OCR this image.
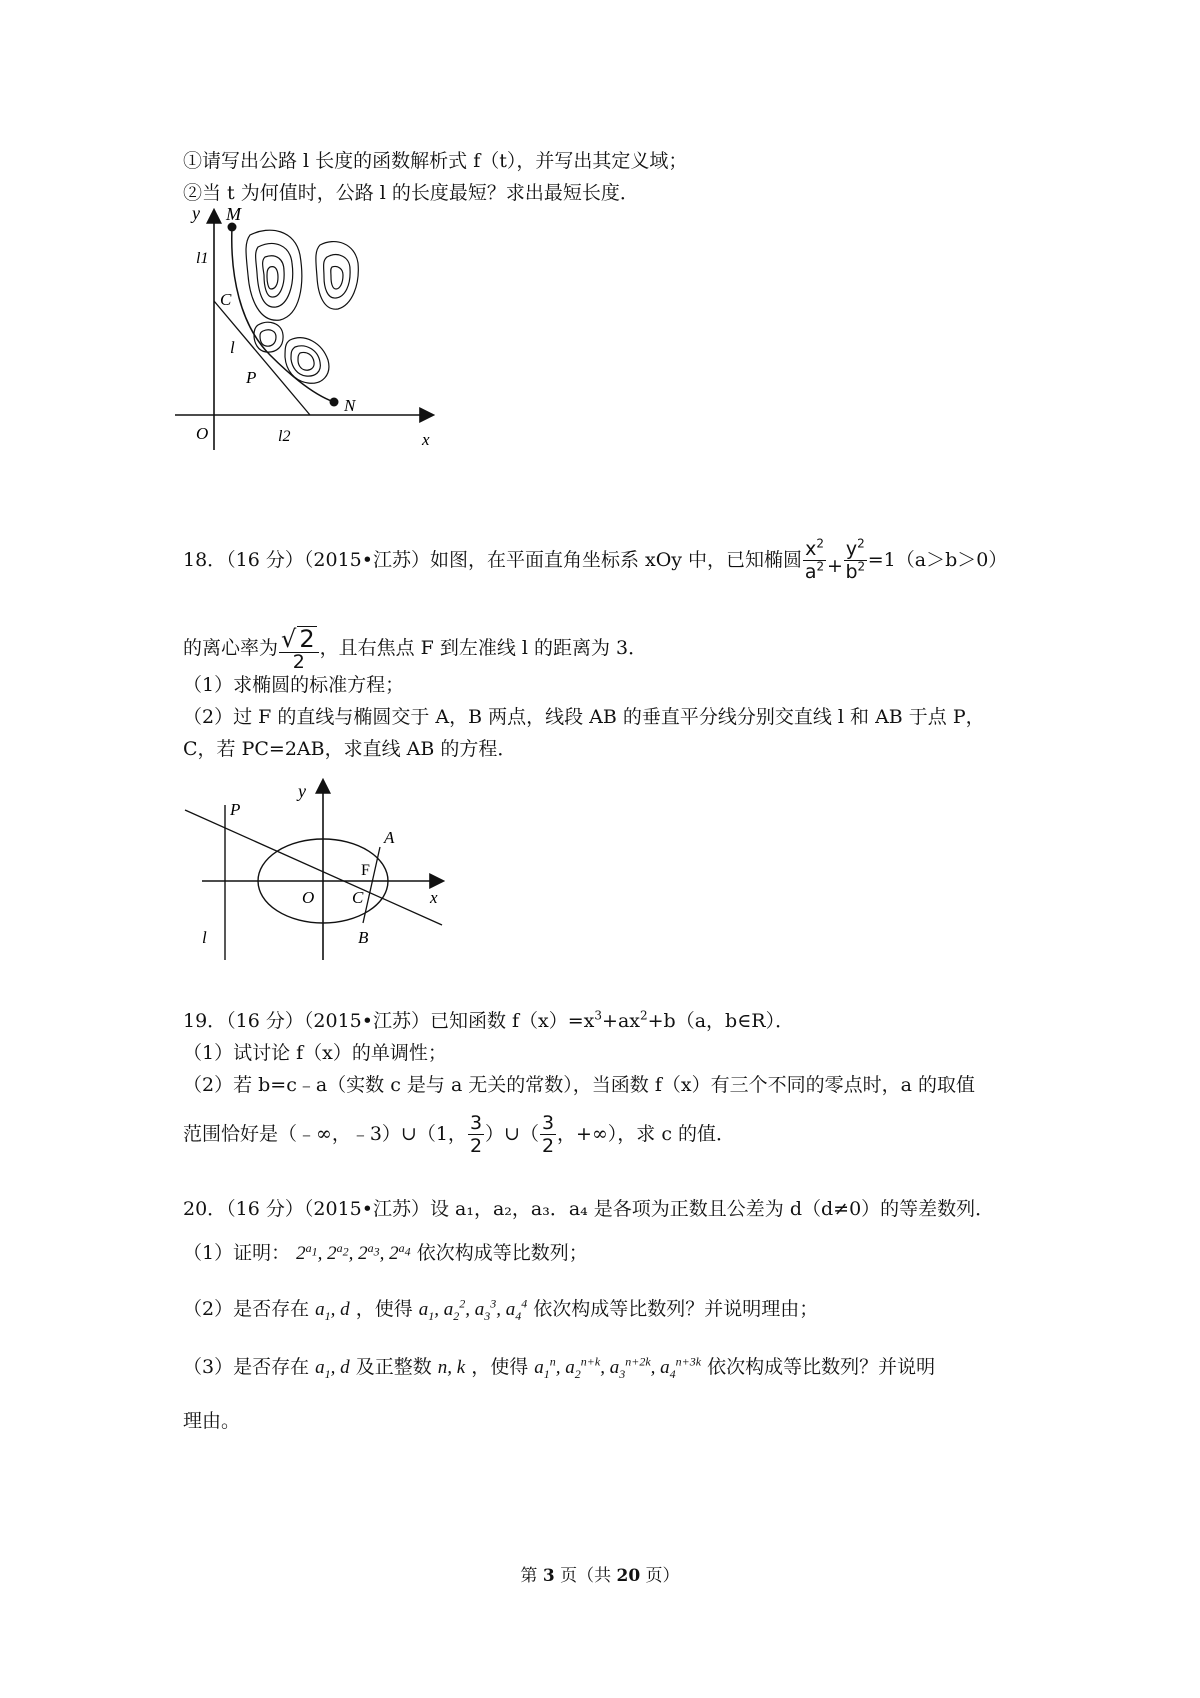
①请写出公路 l 长度的函数解析式 f（t），并写出其定义域；
②当 t 为何值时，公路 l 的长度最短？求出最短长度．
y M
l1
C
l
P
N
O	l2	x
18．（16 分）（2015•江苏）如图，在平面直角坐标系 xOy 中，已知椭圆 $\frac{x^2}{a^2} + \frac{y^2}{b^2} =1(a>b>0)$
的离心率为 $\frac{√ 2}{2}$ ，且右焦点 F 到左准线 l 的距离为 3．
（1）求椭圆的标准方程；
（2）过 F 的直线与椭圆交于 A，B 两点，线段 AB 的垂直平分线分别交直线 l 和 AB 于点 P，
C，若 PC=2AB，求直线 AB 的方程．
y
P
A
F
O C	x
l	B
19．（16 分）（2015•江苏）已知函数 $f(x)=x^3+ax^2+b(a$，b∈R）．
（1）试讨论 f（x）的单调性；
（2）若 b=c﹣a（实数 c 是与 a 无关的常数），当函数 f（x）有三个不同的零点时，a 的取值
范围恰好是（﹣∞，﹣3）∪（1， $\frac{3}{2}$ ）∪（ $\frac{3}{2}$ ，+∞），求 c 的值．
20．（16 分）（2015•江苏）设 a₁，a₂，a₃．a₄ 是各项为正数且公差为 d（d≠0）的等差数列．
（1）证明： $2^{a_1}$, $2^{a_2}$, $2^{a_3}$, $2^{a_4}$ 依次构成等比数列；
（2）是否存在 $a_1$, d ，使得 $a_1$, $a_2^2$, $a_3^3$, $a_4^4$ 依次构成等比数列？并说明理由；
（3）是否存在 $a_1$, d 及正整数 n, k ，使得 $a_1^n$, $a_2^{n+k}$, $a_3^{n+2k}$, $a_4^{n+3k}$ 依次构成等比数列？并说明
理由。
第 3 页（共 20 页）
